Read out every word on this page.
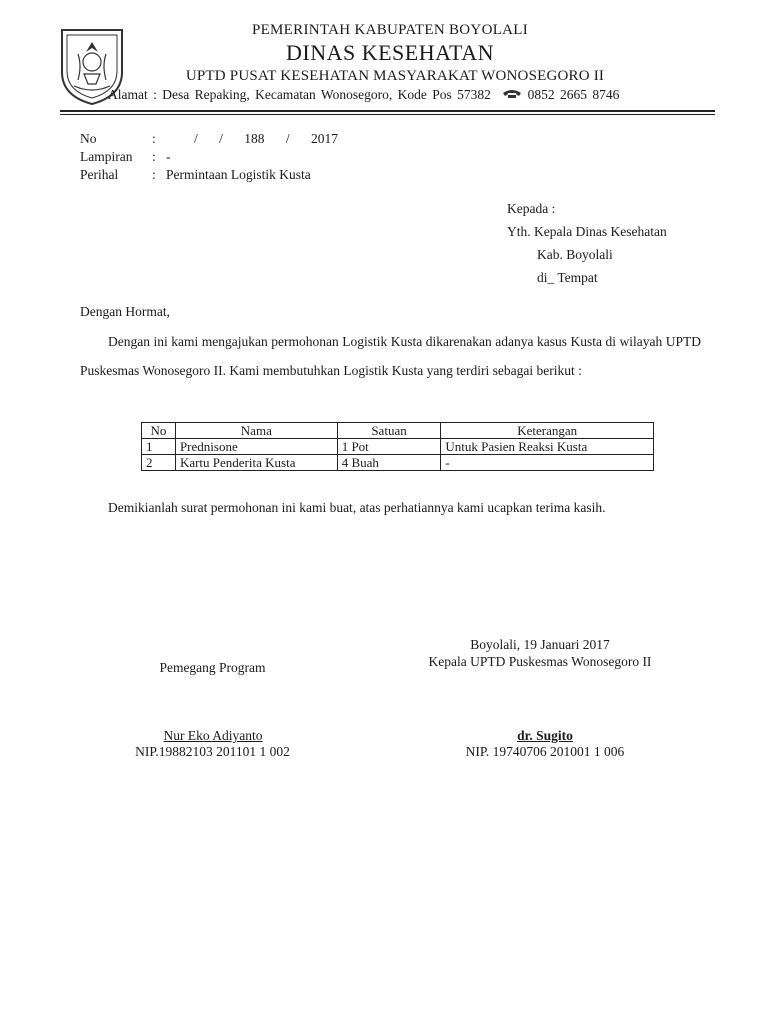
PEMERINTAH KABUPATEN BOYOLALI
DINAS KESEHATAN
UPTD PUSAT KESEHATAN MASYARAKAT WONOSEGORO II
Alamat : Desa Repaking, Kecamatan Wonosegoro, Kode Pos 57382	0852 2665 8746
No	:	/ / 188 / 2017
Lampiran : -
Perihal	: Permintaan Logistik Kusta
Kepada :
Yth. Kepala Dinas Kesehatan
Kab. Boyolali
di_ Tempat
Dengan Hormat,
Dengan ini kami mengajukan permohonan Logistik Kusta dikarenakan adanya kasus Kusta di wilayah UPTD Puskesmas Wonosegoro II. Kami membutuhkan Logistik Kusta yang terdiri sebagai berikut :
No	Nama	Satuan	Keterangan
1	Prednisone	1 Pot	Untuk Pasien Reaksi Kusta
2	Kartu Penderita Kusta	4 Buah	-
Demikianlah surat permohonan ini kami buat, atas perhatiannya kami ucapkan terima kasih.
Boyolali, 19 Januari 2017
Kepala UPTD Puskesmas Wonosegoro II
Pemegang Program
Nur Eko Adiyanto
NIP.19882103 201101 1 002
dr. Sugito
NIP. 19740706 201001 1 006
